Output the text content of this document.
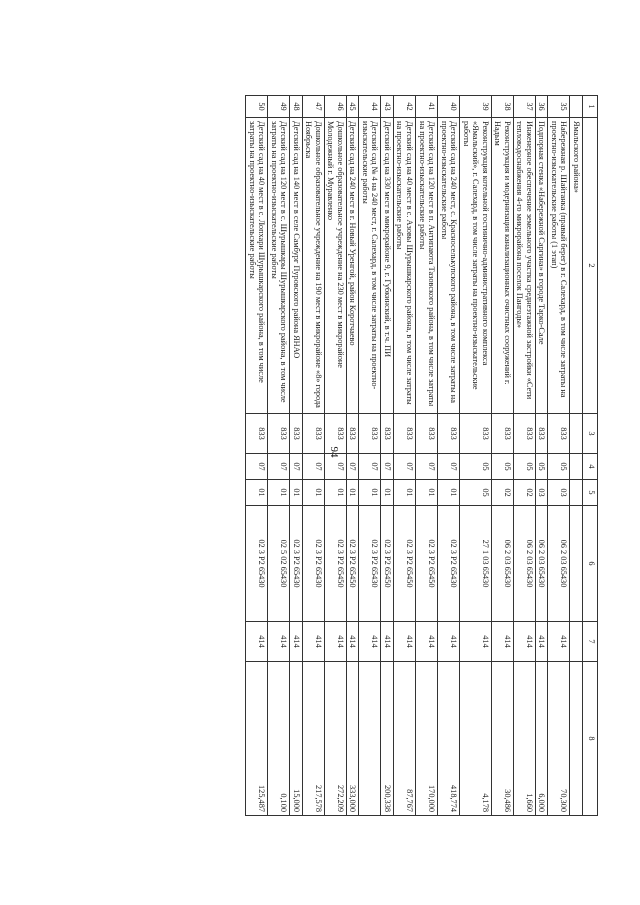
94
1	2	3	4	5	6	7	8
	Ямальского района»						
35	Набережная р. Шайтанка (правый берег) в г. Салехард, в том числе затраты на проектно-изыскательские работы (1 этап)	833	05	03	06 2 03 65430	414	70,300
36	Подпорная стенка «Набережной Саргина» в городе Тарко-Сале	833	05	03	06 2 03 65430	414	6,000
37	Инженерное обеспечение земельного участка среднеэтажной застройки «Сети тепловодоснабжения 4-го микрорайона поселок Пангоды»	833	05	02	06 2 03 65430	414	1,660
38	Реконструкция и модернизация канализационных очистных сооружений г. Надым	833	05	02	06 2 03 65430	414	30,486
39	Реконструкция котельной гостинично-административного комплекса «Ямальский», г. Салехард, в том числе затраты на проектно-изыскательские работы	833	05	05	27 1 03 65430	414	4,178
40	Детский сад на 240 мест, с. Красноселькупского района, в том числе затраты на проектно-изыскательские работы	833	07	01	02 3 P2 65430	414	418,774
41	Детский сад на 120 мест в п. Антипаюта Тазовского района, в том числе затраты на проектно-изыскательские работы	833	07	01	02 3 P2 65450	414	170,000
42	Детский сад на 40 мест в с. Азовы Шурышкарского района, в том числе затраты на проектно-изыскательские работы	833	07	01	02 3 P2 65450	414	87,767
43	Детский сад на 330 мест в микрорайоне 9, г. Губкинский, в т.ч. ПИ	833	07	01	02 3 P2 65450	414	200,338
44	Детский сад № 4 на 240 мест, г. Салехард, в том числе затраты на проектно-изыскательские работы	833	07	01	02 3 P2 65430	414	
45	Детский сад на 240 мест в г. Новый Уренгой, район Коротчаево	833	07	01	02 3 P2 65450	414	333,000
46	Дошкольное образовательное учреждение на 230 мест в микрорайоне Молодежный г. Муравленко	833	07	01	02 3 P2 65450	414	272,209
47	Дошкольное образовательное учреждение на 190 мест в микрорайоне «8» города Ноябрьска	833	07	01	02 3 P2 65430	414	217,578
48	Детский сад на 140 мест в селе Самбург Пуровского района ЯНАО	833	07	01	02 3 P2 65430	414	15,000
49	Детский сад на 120 мест в с. Шурышкары Шурышкарского района, в том числе затраты на проектно-изыскательские работы	833	07	01	02 5 02 65430	414	0,100
50	Детский сад на 40 мест в с. Лопхари Шурышкарского района, в том числе затраты на проектно-изыскательские работы	833	07	01	02 3 P2 65430	414	125,487
